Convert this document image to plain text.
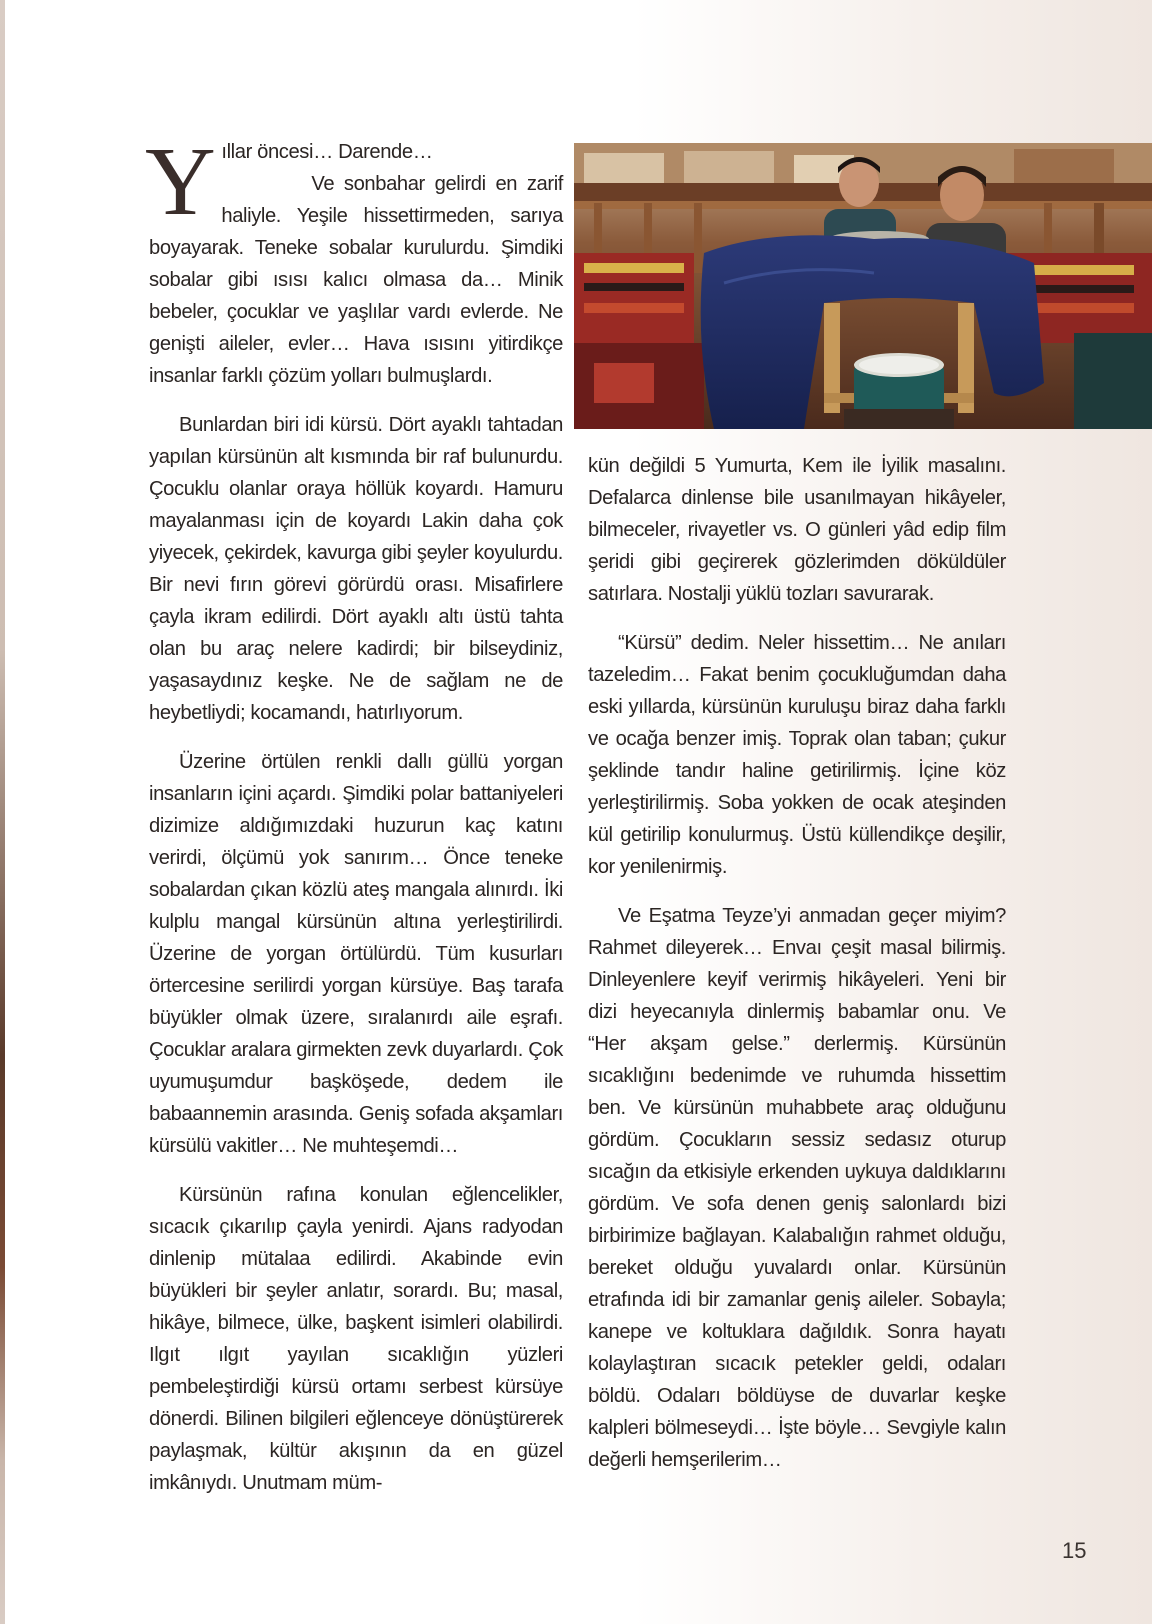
Y ıllar öncesi… Darende…
Ve sonbahar gelirdi en zarif haliyle. Yeşile hissettirmeden, sarıya boyayarak. Teneke sobalar kurulurdu. Şimdiki sobalar gibi ısısı kalıcı olmasa da… Minik bebeler, çocuklar ve yaşlılar vardı evlerde. Ne genişti aileler, evler… Hava ısısını yitirdikçe insanlar farklı çözüm yolları bulmuşlardı.

Bunlardan biri idi kürsü. Dört ayaklı tahtadan yapılan kürsünün alt kısmında bir raf bulunurdu. Çocuklu olanlar oraya höllük koyardı. Hamuru mayalanması için de koyardı Lakin daha çok yiyecek, çekirdek, kavurga gibi şeyler koyulurdu. Bir nevi fırın görevi görürdü orası. Misafirlere çayla ikram edilirdi. Dört ayaklı altı üstü tahta olan bu araç nelere kadirdi; bir bilseydiniz, yaşasaydınız keşke. Ne de sağlam ne de heybetliydi; kocamandı, hatırlıyorum.

Üzerine örtülen renkli dallı güllü yorgan insanların içini açardı. Şimdiki polar battaniyeleri dizimize aldığımızdaki huzurun kaç katını verirdi, ölçümü yok sanırım… Önce teneke sobalardan çıkan közlü ateş mangala alınırdı. İki kulplu mangal kürsünün altına yerleştirilirdi. Üzerine de yorgan örtülürdü. Tüm kusurları örtercesine serilirdi yorgan kürsüye. Baş tarafa büyükler olmak üzere, sıralanırdı aile eşrafı. Çocuklar aralara girmekten zevk duyarlardı. Çok uyumuşumdur başköşede, dedem ile babaannemin arasında. Geniş sofada akşamları kürsülü vakitler… Ne muhteşemdi…

Kürsünün rafına konulan eğlencelikler, sıcacık çıkarılıp çayla yenirdi. Ajans radyodan dinlenip mütalaa edilirdi. Akabinde evin büyükleri bir şeyler anlatır, sorardı. Bu; masal, hikâye, bilmece, ülke, başkent isimleri olabilirdi. Ilgıt ılgıt yayılan sıcaklığın yüzleri pembeleştirdiği kürsü ortamı serbest kürsüye dönerdi. Bilinen bilgileri eğlenceye dönüştürerek paylaşmak, kültür akışının da en güzel imkânıydı. Unutmam müm-

kün değildi 5 Yumurta, Kem ile İyilik masalını. Defalarca dinlense bile usanılmayan hikâyeler, bilmeceler, rivayetler vs. O günleri yâd edip film şeridi gibi geçirerek gözlerimden döküldüler satırlara. Nostalji yüklü tozları savurarak.

“Kürsü” dedim. Neler hissettim… Ne anıları tazeledim… Fakat benim çocukluğumdan daha eski yıllarda, kürsünün kuruluşu biraz daha farklı ve ocağa benzer imiş. Toprak olan taban; çukur şeklinde tandır haline getirilirmiş. İçine köz yerleştirilirmiş. Soba yokken de ocak ateşinden kül getirilip konulurmuş. Üstü küllendikçe deşilir, kor yenilenirmiş.

Ve Eşatma Teyze’yi anmadan geçer miyim? Rahmet dileyerek… Envaı çeşit masal bilirmiş. Dinleyenlere keyif verirmiş hikâyeleri. Yeni bir dizi heyecanıyla dinlermiş babamlar onu. Ve “Her akşam gelse.” derlermiş. Kürsünün sıcaklığını bedenimde ve ruhumda hissettim ben. Ve kürsünün muhabbete araç olduğunu gördüm. Çocukların sessiz sedasız oturup sıcağın da etkisiyle erkenden uykuya daldıklarını gördüm. Ve sofa denen geniş salonlardı bizi birbirimize bağlayan. Kalabalığın rahmet olduğu, bereket olduğu yuvalardı onlar. Kürsünün etrafında idi bir zamanlar geniş aileler. Sobayla; kanepe ve koltuklara dağıldık. Sonra hayatı kolaylaştıran sıcacık petekler geldi, odaları böldü. Odaları böldüyse de duvarlar keşke kalpleri bölmeseydi… İşte böyle… Sevgiyle kalın değerli hemşerilerim…

15
